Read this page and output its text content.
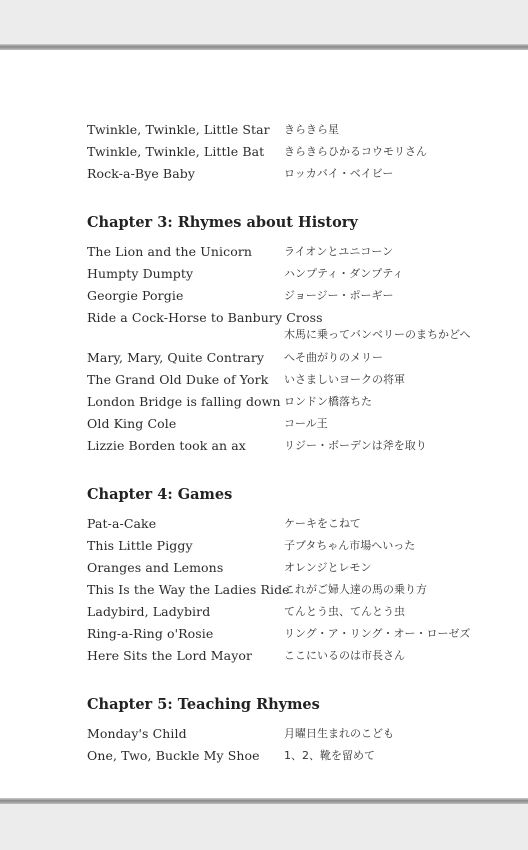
Twinkle, Twinkle, Little Star きらきら星
Twinkle, Twinkle, Little Bat きらきらひかるコウモリさん
Rock-a-Bye Baby	ロッカバイ・ベイビー
Chapter 3: Rhymes about History
The Lion and the Unicorn	ライオンとユニコーン
Humpty Dumpty	ハンプティ・ダンプティ
Georgie Porgie	ジョージー・ポーギー
Ride a Cock-Horse to Banbury Cross
木馬に乗ってバンベリーのまちかどへ
Mary, Mary, Quite Contrary へそ曲がりのメリー
The Grand Old Duke of York いさましいヨークの将軍
London Bridge is falling down ロンドン橋落ちた
Old King Cole	コール王
Lizzie Borden took an ax	リジー・ボーデンは斧を取り
Chapter 4: Games
Pat-a-Cake	ケーキをこねて
This Little Piggy	子ブタちゃん市場へいった
Oranges and Lemons	オレンジとレモン
This Is the Way the Ladies Ride
これがご婦人達の馬の乗り方
Ladybird, Ladybird	てんとう虫、てんとう虫
Ring-a-Ring o'Rosie	リング・ア・リング・オー・ローゼズ
Here Sits the Lord Mayor	ここにいるのは市長さん
Chapter 5: Teaching Rhymes
Monday's Child	月曜日生まれのこども
One, Two, Buckle My Shoe 1、2、靴を留めて
